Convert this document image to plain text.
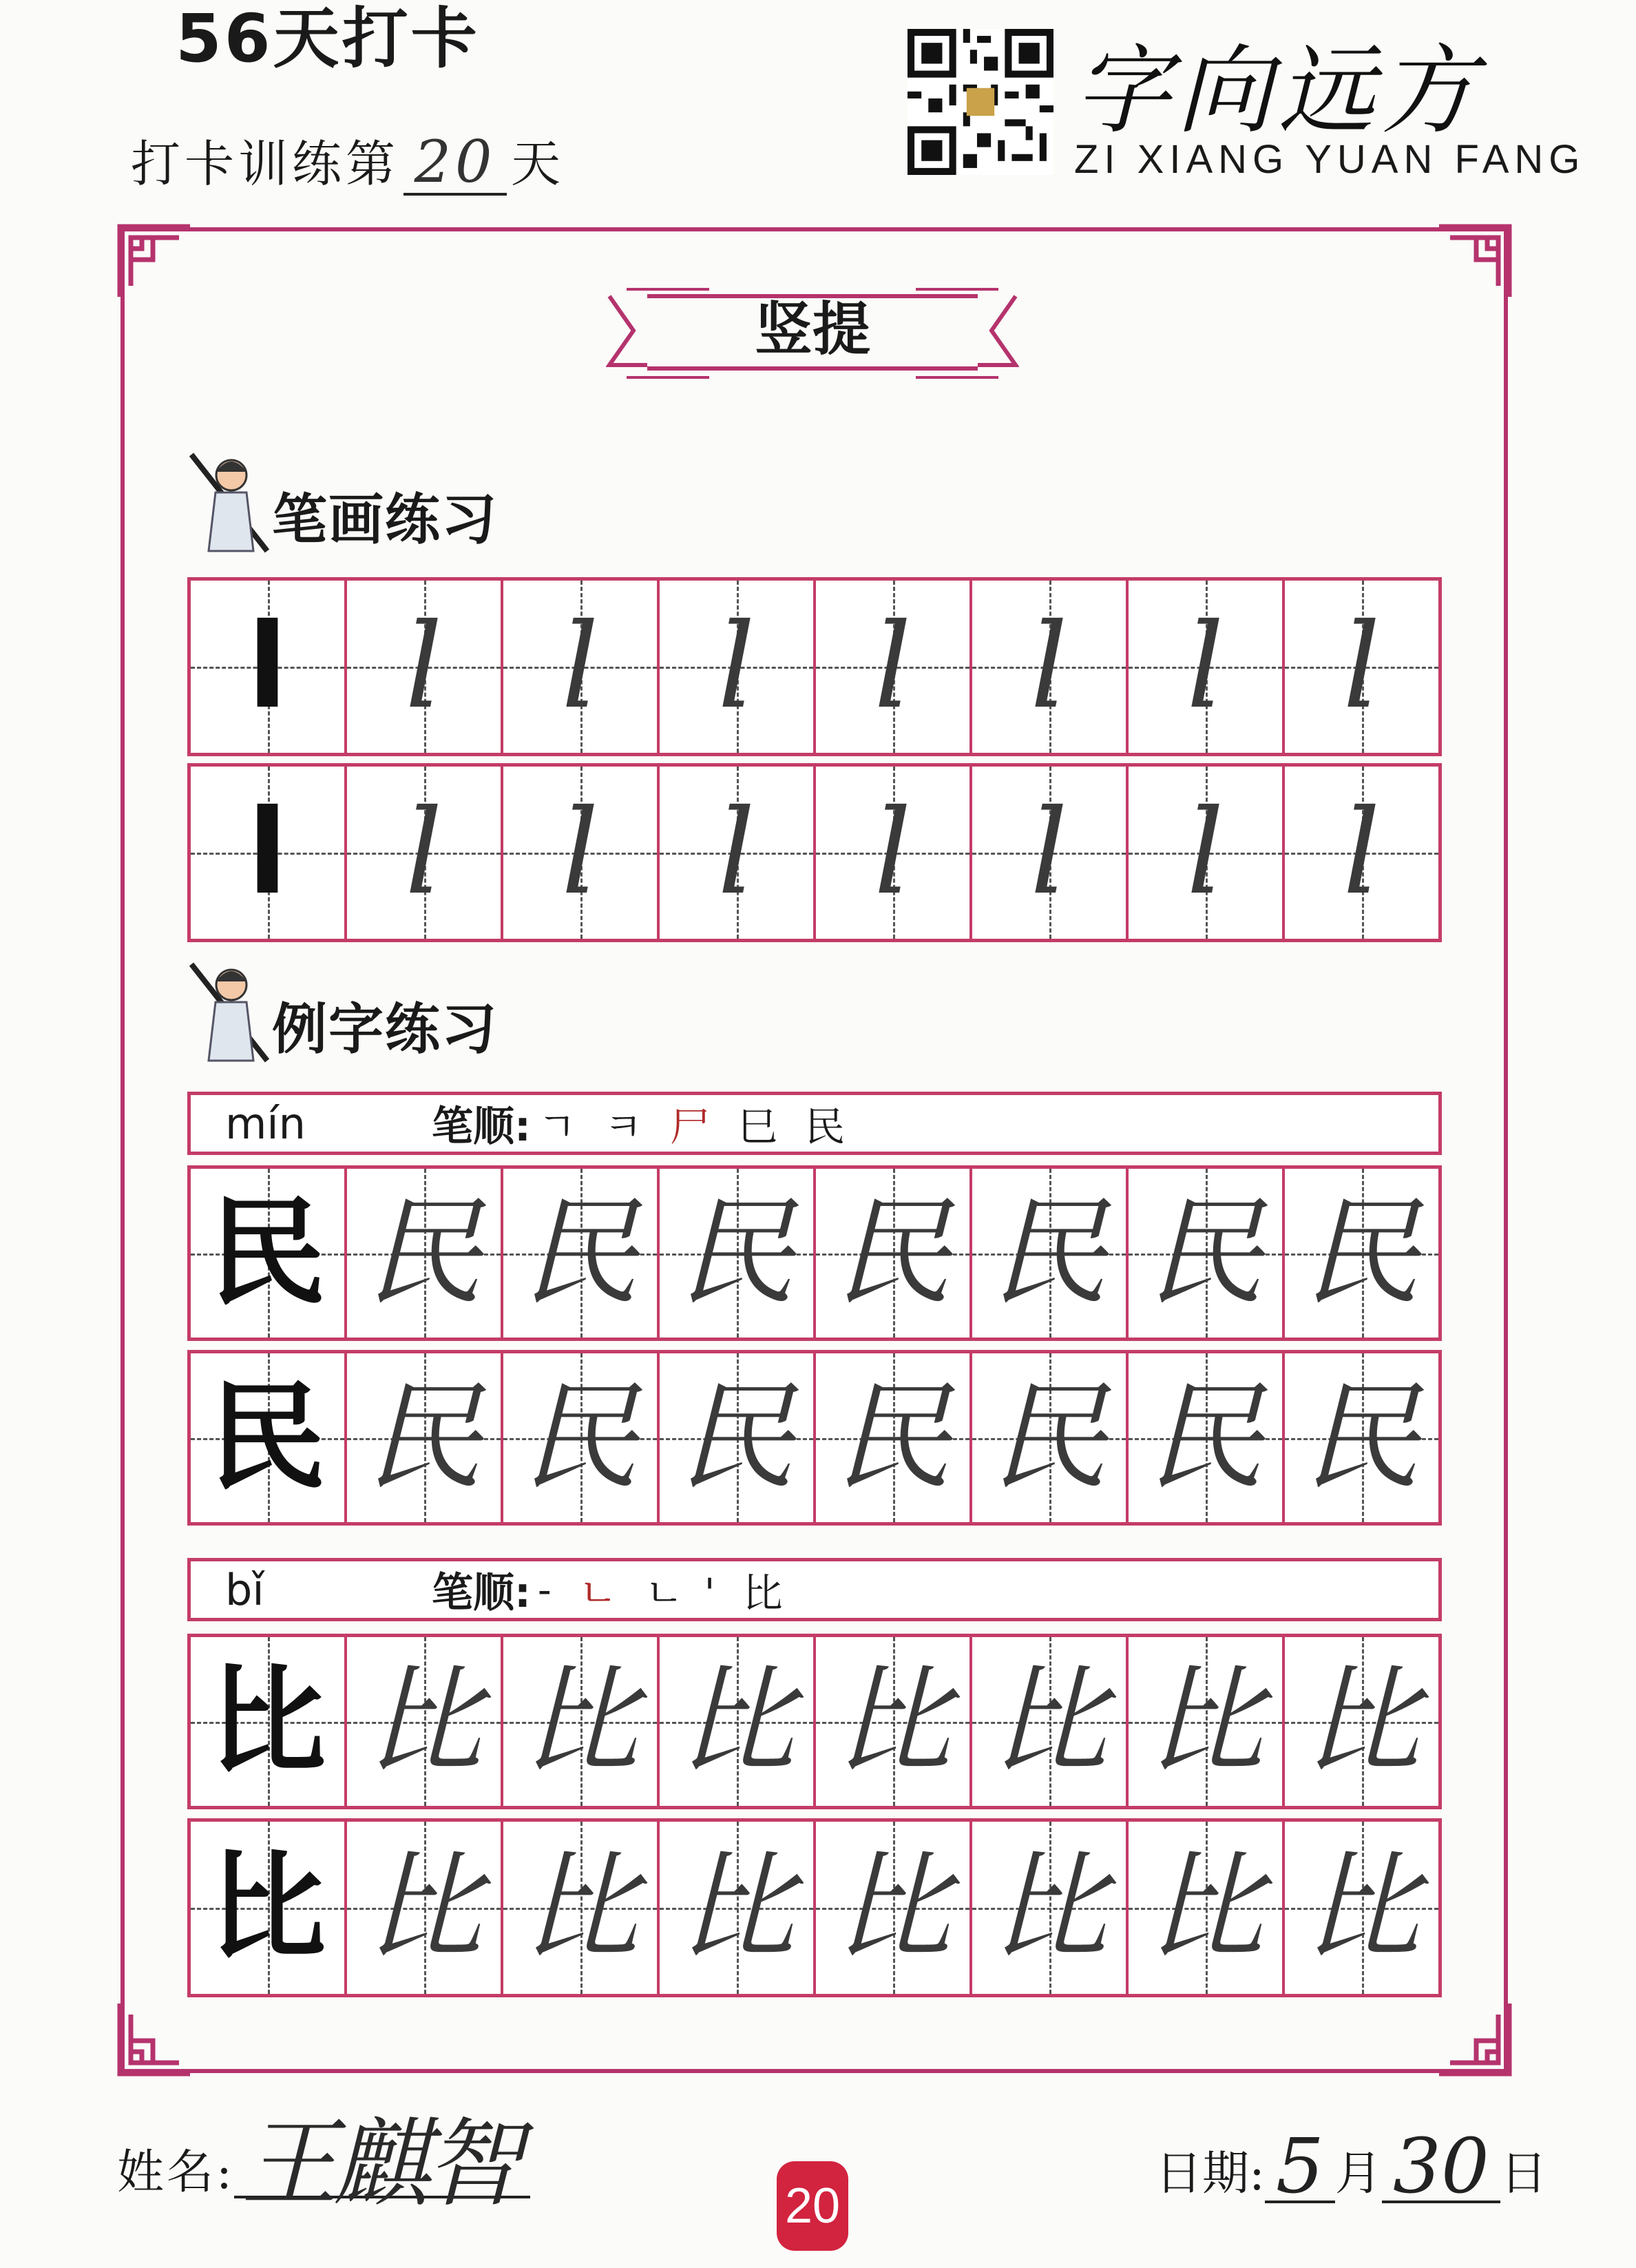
56天打卡
打卡训练第 20 天
字向远方
ZI XIANG YUAN FANG
竖提
笔画练习
l l l l l l l l
l l l l l l l l
例字练习
mín	笔顺: ㄱ ㅋ 尸 巳 民
民 民 民 民 民 民 民 民
民 民 民 民 民 民 民 民
bǐ	笔顺: - ㄴ ㄴ' 比
比 比 比 比 比 比 比 比
比 比 比 比 比 比 比 比
姓名: 王麒智	20
日期: 5 月 30 日
